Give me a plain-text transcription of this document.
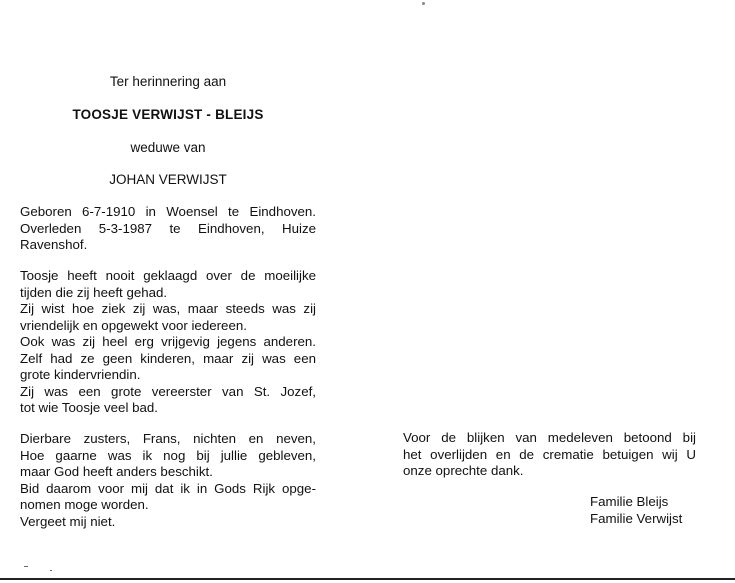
Ter herinnering aan
TOOSJE VERWIJST - BLEIJS
weduwe van
JOHAN VERWIJST
Geboren 6-7-1910 in Woensel te Eindhoven.
Overleden 5-3-1987 te Eindhoven, Huize
Ravenshof.
Toosje heeft nooit geklaagd over de moeilijke
tijden die zij heeft gehad.
Zij wist hoe ziek zij was, maar steeds was zij
vriendelijk en opgewekt voor iedereen.
Ook was zij heel erg vrijgevig jegens anderen.
Zelf had ze geen kinderen, maar zij was een
grote kindervriendin.
Zij was een grote vereerster van St. Jozef,
tot wie Toosje veel bad.
Dierbare zusters, Frans, nichten en neven,
Hoe gaarne was ik nog bij jullie gebleven,
maar God heeft anders beschikt.
Bid daarom voor mij dat ik in Gods Rijk opge-
nomen moge worden.
Vergeet mij niet.
Voor de blijken van medeleven betoond bij
het overlijden en de crematie betuigen wij U
onze oprechte dank.
Familie Bleijs
Familie Verwijst
